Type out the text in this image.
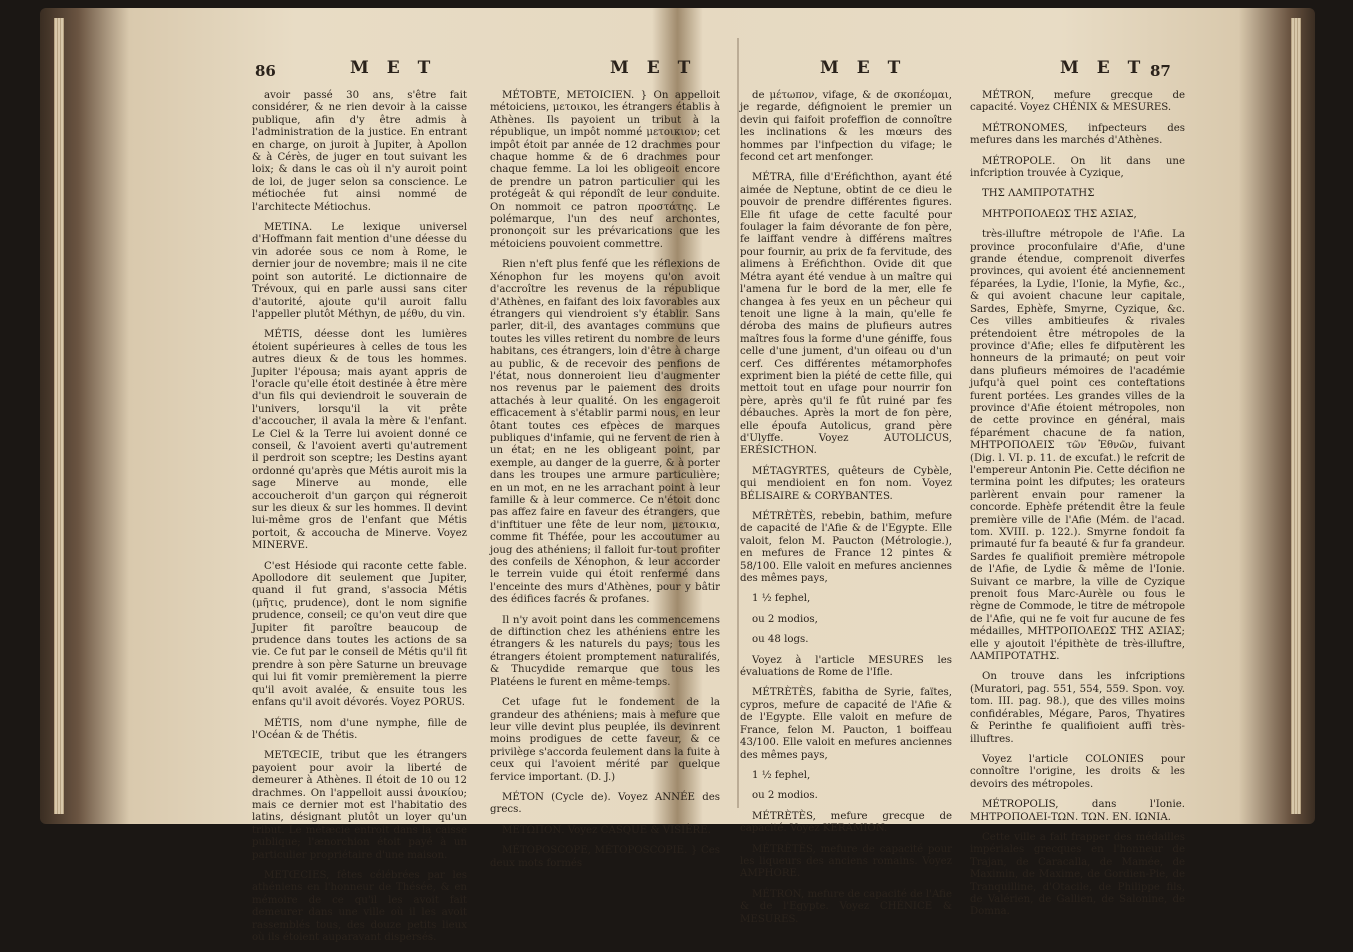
86	M E T	M E T

avoir passé 30 ans, s'être fait considérer, & ne rien devoir à la caisse publique, afin d'y être admis à l'administration de la justice. En entrant en charge, on juroit à Jupiter, à Apollon & à Cérès, de juger en tout suivant les loix; & dans le cas où il n'y auroit point de loi, de juger selon sa conscience. Le métiochée fut ainsi nommé de l'architecte Métiochus.

METINA. Le lexique universel d'Hoffmann fait mention d'une déesse du vin adorée sous ce nom à Rome, le dernier jour de novembre; mais il ne cite point son autorité. Le dictionnaire de Trévoux, qui en parle aussi sans citer d'autorité, ajoute qu'il auroit fallu l'appeller plutôt Méthyn, de μέθυ, du vin.

MÉTIS, déesse dont les lumières étoient supérieures à celles de tous les autres dieux & de tous les hommes. Jupiter l'épousa; mais ayant appris de l'oracle qu'elle étoit destinée à être mère d'un fils qui deviendroit le souverain de l'univers, lorsqu'il la vit prête d'accoucher, il avala la mère & l'enfant. Le Ciel & la Terre lui avoient donné ce conseil, & l'avoient averti qu'autrement il perdroit son sceptre; les Destins ayant ordonné qu'après que Métis auroit mis la sage Minerve au monde, elle accoucheroit d'un garçon qui régneroit sur les dieux & sur les hommes. Il devint lui-même gros de l'enfant que Métis portoit, & accoucha de Minerve. Voyez MINERVE.

C'est Hésiode qui raconte cette fable. Apollodore dit seulement que Jupiter, quand il fut grand, s'associa Métis (μῆτις, prudence), dont le nom signifie prudence, conseil; ce qu'on veut dire que Jupiter fit paroître beaucoup de prudence dans toutes les actions de sa vie. Ce fut par le conseil de Métis qu'il fit prendre à son père Saturne un breuvage qui lui fit vomir premièrement la pierre qu'il avoit avalée, & ensuite tous les enfans qu'il avoit dévorés. Voyez PORUS.

MÉTIS, nom d'une nymphe, fille de l'Océan & de Thétis.

METŒCIE, tribut que les étrangers payoient pour avoir la liberté de demeurer à Athènes. Il étoit de 10 ou 12 drachmes. On l'appelloit aussi ἀνοικίου; mais ce dernier mot est l'habitatio des latins, désignant plutôt un loyer qu'un tribut. Le métæcie entroit dans la caisse publique; l'ænorchion étoit payé à un particulier propriétaire d'une maison.

METŒCIES, fêtes célébrées par les athéniens en l'honneur de Thésée, & en mémoire de ce qu'il les avoit fait demeurer dans une ville où il les avoit rassemblés tous, des douze petits lieux où ils étoient auparavant dispersés.

MÉTOBTE, METOICIEN. } On appelloit métoiciens, μετοικοι, les étrangers établis à Athènes. Ils payoient un tribut à la république, un impôt nommé μετοικιον; cet impôt étoit par année de 12 drachmes pour chaque homme & de 6 drachmes pour chaque femme. La loi les obligeoit encore de prendre un patron particulier qui les protégeât & qui répondît de leur conduite. On nommoit ce patron προστάτης. Le polémarque, l'un des neuf archontes, prononçoit sur les prévarications que les métoiciens pouvoient commettre.

Rien n'eft plus fenfé que les réflexions de Xénophon fur les moyens qu'on avoit d'accroître les revenus de la république d'Athènes, en faifant des loix favorables aux étrangers qui viendroient s'y établir. Sans parler, dit-il, des avantages communs que toutes les villes retirent du nombre de leurs habitans, ces étrangers, loin d'être à charge au public, & de recevoir des penfions de l'état, nous donneroient lieu d'augmenter nos revenus par le paiement des droits attachés à leur qualité. On les engageroit efficacement à s'établir parmi nous, en leur ôtant toutes ces efpèces de marques publiques d'infamie, qui ne fervent de rien à un état; en ne les obligeant point, par exemple, au danger de la guerre, & à porter dans les troupes une armure particulière; en un mot, en ne les arrachant point à leur famille & à leur commerce. Ce n'étoit donc pas affez faire en faveur des étrangers, que d'inftituer une fête de leur nom, μετοικια, comme fit Théfée, pour les accoutumer au joug des athéniens; il falloit fur-tout profiter des confeils de Xénophon, & leur accorder le terrein vuide qui étoit renfermé dans l'enceinte des murs d'Athènes, pour y bâtir des édifices facrés & profanes.

Il n'y avoit point dans les commencemens de diftinction chez les athéniens entre les étrangers & les naturels du pays; tous les étrangers étoient promptement naturalifés, & Thucydide remarque que tous les Platéens le furent en même-temps.

Cet ufage fut le fondement de la grandeur des athéniens; mais à mefure que leur ville devint plus peuplée, ils devinrent moins prodigues de cette faveur, & ce privilège s'accorda feulement dans la fuite à ceux qui l'avoient mérité par quelque fervice important. (D. J.)

MÉTON (Cycle de). Voyez ANNÉE des grecs.

METΩΠΟΝ. Voyez CASQUE & VISIÈRE.

MÉTOPOSCOPE, MÉTOPOSCOPIE. } Ces deux mots formés

M E T	M E T 87

de μέτωπον, vifage, & de σκοπέομαι, je regarde, défignoient le premier un devin qui faifoit profeffion de connoître les inclinations & les mœurs des hommes par l'infpection du vifage; le fecond cet art menfonger.

MÉTRA, fille d'Eréfichthon, ayant été aimée de Neptune, obtint de ce dieu le pouvoir de prendre différentes figures. Elle fit ufage de cette faculté pour foulager la faim dévorante de fon père, fe laiffant vendre à différens maîtres pour fournir, au prix de fa fervitude, des alimens à Eréfichthon. Ovide dit que Métra ayant été vendue à un maître qui l'amena fur le bord de la mer, elle fe changea à fes yeux en un pêcheur qui tenoit une ligne à la main, qu'elle fe déroba des mains de plufieurs autres maîtres fous la forme d'une géniffe, fous celle d'une jument, d'un oifeau ou d'un cerf. Ces différentes métamorphofes expriment bien la piété de cette fille, qui mettoit tout en ufage pour nourrir fon père, après qu'il fe fût ruiné par fes débauches. Après la mort de fon père, elle époufa Autolicus, grand père d'Ulyffe. Voyez AUTOLICUS, ERÉSICTHON.

MÉTAGYRTES, quêteurs de Cybèle, qui mendioient en fon nom. Voyez BÉLISAIRE & CORYBANTES.

MÉTRÈTÈS, rebebin, bathim, mefure de capacité de l'Afie & de l'Egypte. Elle valoit, felon M. Paucton (Métrologie.), en mefures de France 12 pintes & 58/100. Elle valoit en mefures anciennes des mêmes pays,

1 ½ fephel,

ou 2 modios,

ou 48 logs.

Voyez à l'article MESURES les évaluations de Rome de l'Ifle.

MÉTRÈTÈS, fabitha de Syrie, faïtes, cypros, mefure de capacité de l'Afie & de l'Egypte. Elle valoit en mefure de France, felon M. Paucton, 1 boiffeau 43/100. Elle valoit en mefures anciennes des mêmes pays,

1 ½ fephel,

ou 2 modios.

MÉTRÈTÈS, mefure grecque de capacité. Voyez KERAMION.

MÉTRÈTÈS, mefure de capacité pour les liqueurs des anciens romains. Voyez AMPHORE.

MÉTRON, mefure de capacité de l'Afie & de l'Egypte. Voyez CHÉNICE & MESURES.

MÉTRON, mefure grecque de capacité. Voyez CHÉNIX & MESURES.

MÉTRONOMES, infpecteurs des mefures dans les marchés d'Athènes.

MÉTROPOLE. On lit dans une infcription trouvée à Cyzique,

ΤΗΣ ΛΑΜΠΡΟΤΑΤΗΣ

ΜΗΤΡΟΠΟΛΕΩΣ ΤΗΣ ΑΣΙΑΣ,

très-illuftre métropole de l'Afie. La province proconfulaire d'Afie, d'une grande étendue, comprenoit diverfes provinces, qui avoient été anciennement féparées, la Lydie, l'Ionie, la Myfie, &c., & qui avoient chacune leur capitale, Sardes, Ephèfe, Smyrne, Cyzique, &c. Ces villes ambitieufes & rivales prétendoient être métropoles de la province d'Afie; elles fe difputèrent les honneurs de la primauté; on peut voir dans plufieurs mémoires de l'académie jufqu'à quel point ces conteftations furent portées. Les grandes villes de la province d'Afie étoient métropoles, non de cette province en général, mais féparément chacune de fa nation, ΜΗΤΡΟΠΟΛΕΙΣ τῶν Ἐθνῶν, fuivant (Dig. l. VI. p. 11. de excufat.) le refcrit de l'empereur Antonin Pie. Cette décifion ne termina point les difputes; les orateurs parlèrent envain pour ramener la concorde. Ephèfe prétendit être la feule première ville de l'Afie (Mém. de l'acad. tom. XVIII. p. 122.). Smyrne fondoit fa primauté fur fa beauté & fur fa grandeur. Sardes fe qualifioit première métropole de l'Afie, de Lydie & même de l'Ionie. Suivant ce marbre, la ville de Cyzique prenoit fous Marc-Aurèle ou fous le règne de Commode, le titre de métropole de l'Afie, qui ne fe voit fur aucune de fes médailles, ΜΗΤΡΟΠΟΛΕΩΣ ΤΗΣ ΑΣΙΑΣ; elle y ajoutoit l'épithète de très-illuftre, ΛΑΜΠΡΟΤΑΤΗΣ.

On trouve dans les infcriptions (Muratori, pag. 551, 554, 559. Spon. voy. tom. III. pag. 98.), que des villes moins confidérables, Mégare, Paros, Thyatires & Perinthe fe qualifioient auffi très-illuftres.

Voyez l'article COLONIES pour connoître l'origine, les droits & les devoirs des métropoles.

MÉTROPOLIS, dans l'Ionie. ΜΗΤΡΟΠΟΛΕΙ-ΤΩΝ. ΤΩΝ. ΕΝ. ΙΩΝΙΑ.

Cette ville a fait frapper des médailles impériales grecques en l'honneur de Trajan, de Caracalla, de Mamée, de Maximin, de Maxime, de Gordien-Pie, de Tranquilline, d'Otacile, de Philippe fils, de Valérien, de Gallien, de Salonine, de Domna.
